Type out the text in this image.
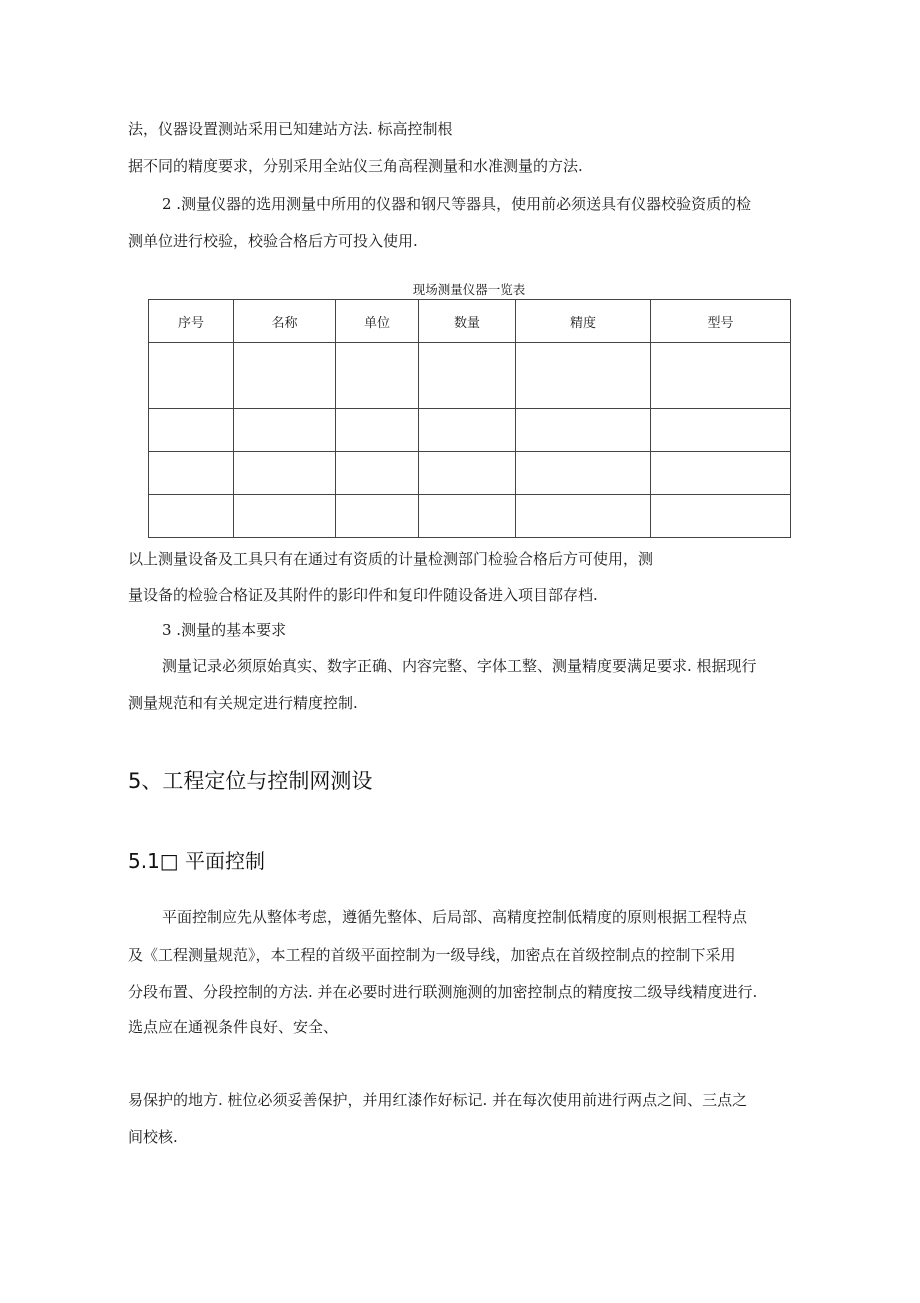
法，仪器设置测站采用已知建站方法. 标高控制根
据不同的精度要求，分别采用全站仪三角高程测量和水准测量的方法.
2 .测量仪器的选用测量中所用的仪器和钢尺等器具，使用前必须送具有仪器校验资质的检
测单位进行校验，校验合格后方可投入使用.
现场测量仪器一览表
序号	名称	单位	数量	精度	型号

以上测量设备及工具只有在通过有资质的计量检测部门检验合格后方可使用，测
量设备的检验合格证及其附件的影印件和复印件随设备进入项目部存档.
3 .测量的基本要求
测量记录必须原始真实、数字正确、内容完整、字体工整、测量精度要满足要求. 根据现行
测量规范和有关规定进行精度控制.
5、工程定位与控制网测设
5.1□ 平面控制
平面控制应先从整体考虑，遵循先整体、后局部、高精度控制低精度的原则根据工程特点
及《工程测量规范》，本工程的首级平面控制为一级导线，加密点在首级控制点的控制下采用
分段布置、分段控制的方法. 并在必要时进行联测施测的加密控制点的精度按二级导线精度进行.
选点应在通视条件良好、安全、
易保护的地方. 桩位必须妥善保护，并用红漆作好标记. 并在每次使用前进行两点之间、三点之
间校核.
